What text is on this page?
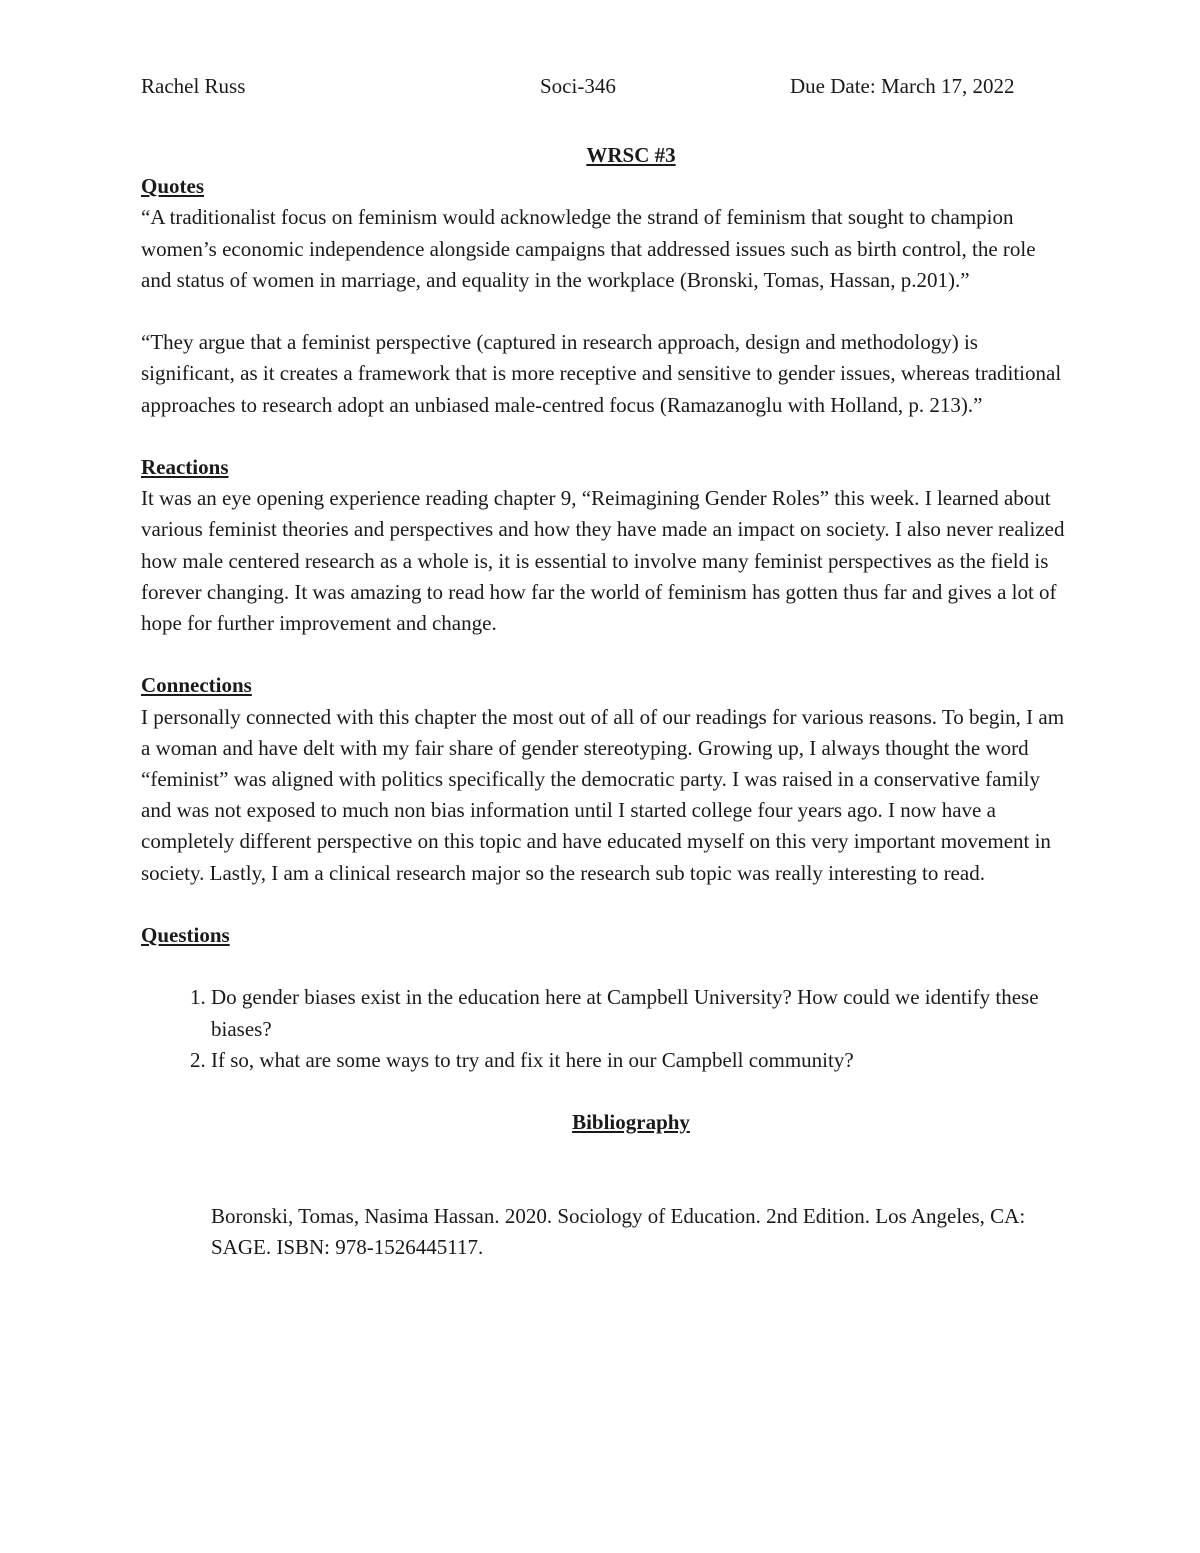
Rachel Russ	Soci-346	Due Date: March 17, 2022

WRSC #3

Quotes

“A traditionalist focus on feminism would acknowledge the strand of feminism that sought to champion women’s economic independence alongside campaigns that addressed issues such as birth control, the role and status of women in marriage, and equality in the workplace (Bronski, Tomas, Hassan, p.201).”

“They argue that a feminist perspective (captured in research approach, design and methodology) is significant, as it creates a framework that is more receptive and sensitive to gender issues, whereas traditional approaches to research adopt an unbiased male-centred focus (Ramazanoglu with Holland, p. 213).”

Reactions

It was an eye opening experience reading chapter 9, “Reimagining Gender Roles” this week. I learned about various feminist theories and perspectives and how they have made an impact on society. I also never realized how male centered research as a whole is, it is essential to involve many feminist perspectives as the field is forever changing. It was amazing to read how far the world of feminism has gotten thus far and gives a lot of hope for further improvement and change.

Connections

I personally connected with this chapter the most out of all of our readings for various reasons. To begin, I am a woman and have delt with my fair share of gender stereotyping. Growing up, I always thought the word “feminist” was aligned with politics specifically the democratic party. I was raised in a conservative family and was not exposed to much non bias information until I started college four years ago. I now have a completely different perspective on this topic and have educated myself on this very important movement in society. Lastly, I am a clinical research major so the research sub topic was really interesting to read.

Questions

1. Do gender biases exist in the education here at Campbell University? How could we identify these biases?
2. If so, what are some ways to try and fix it here in our Campbell community?

Bibliography

Boronski, Tomas, Nasima Hassan. 2020. Sociology of Education. 2nd Edition. Los Angeles, CA: SAGE. ISBN: 978-1526445117.
